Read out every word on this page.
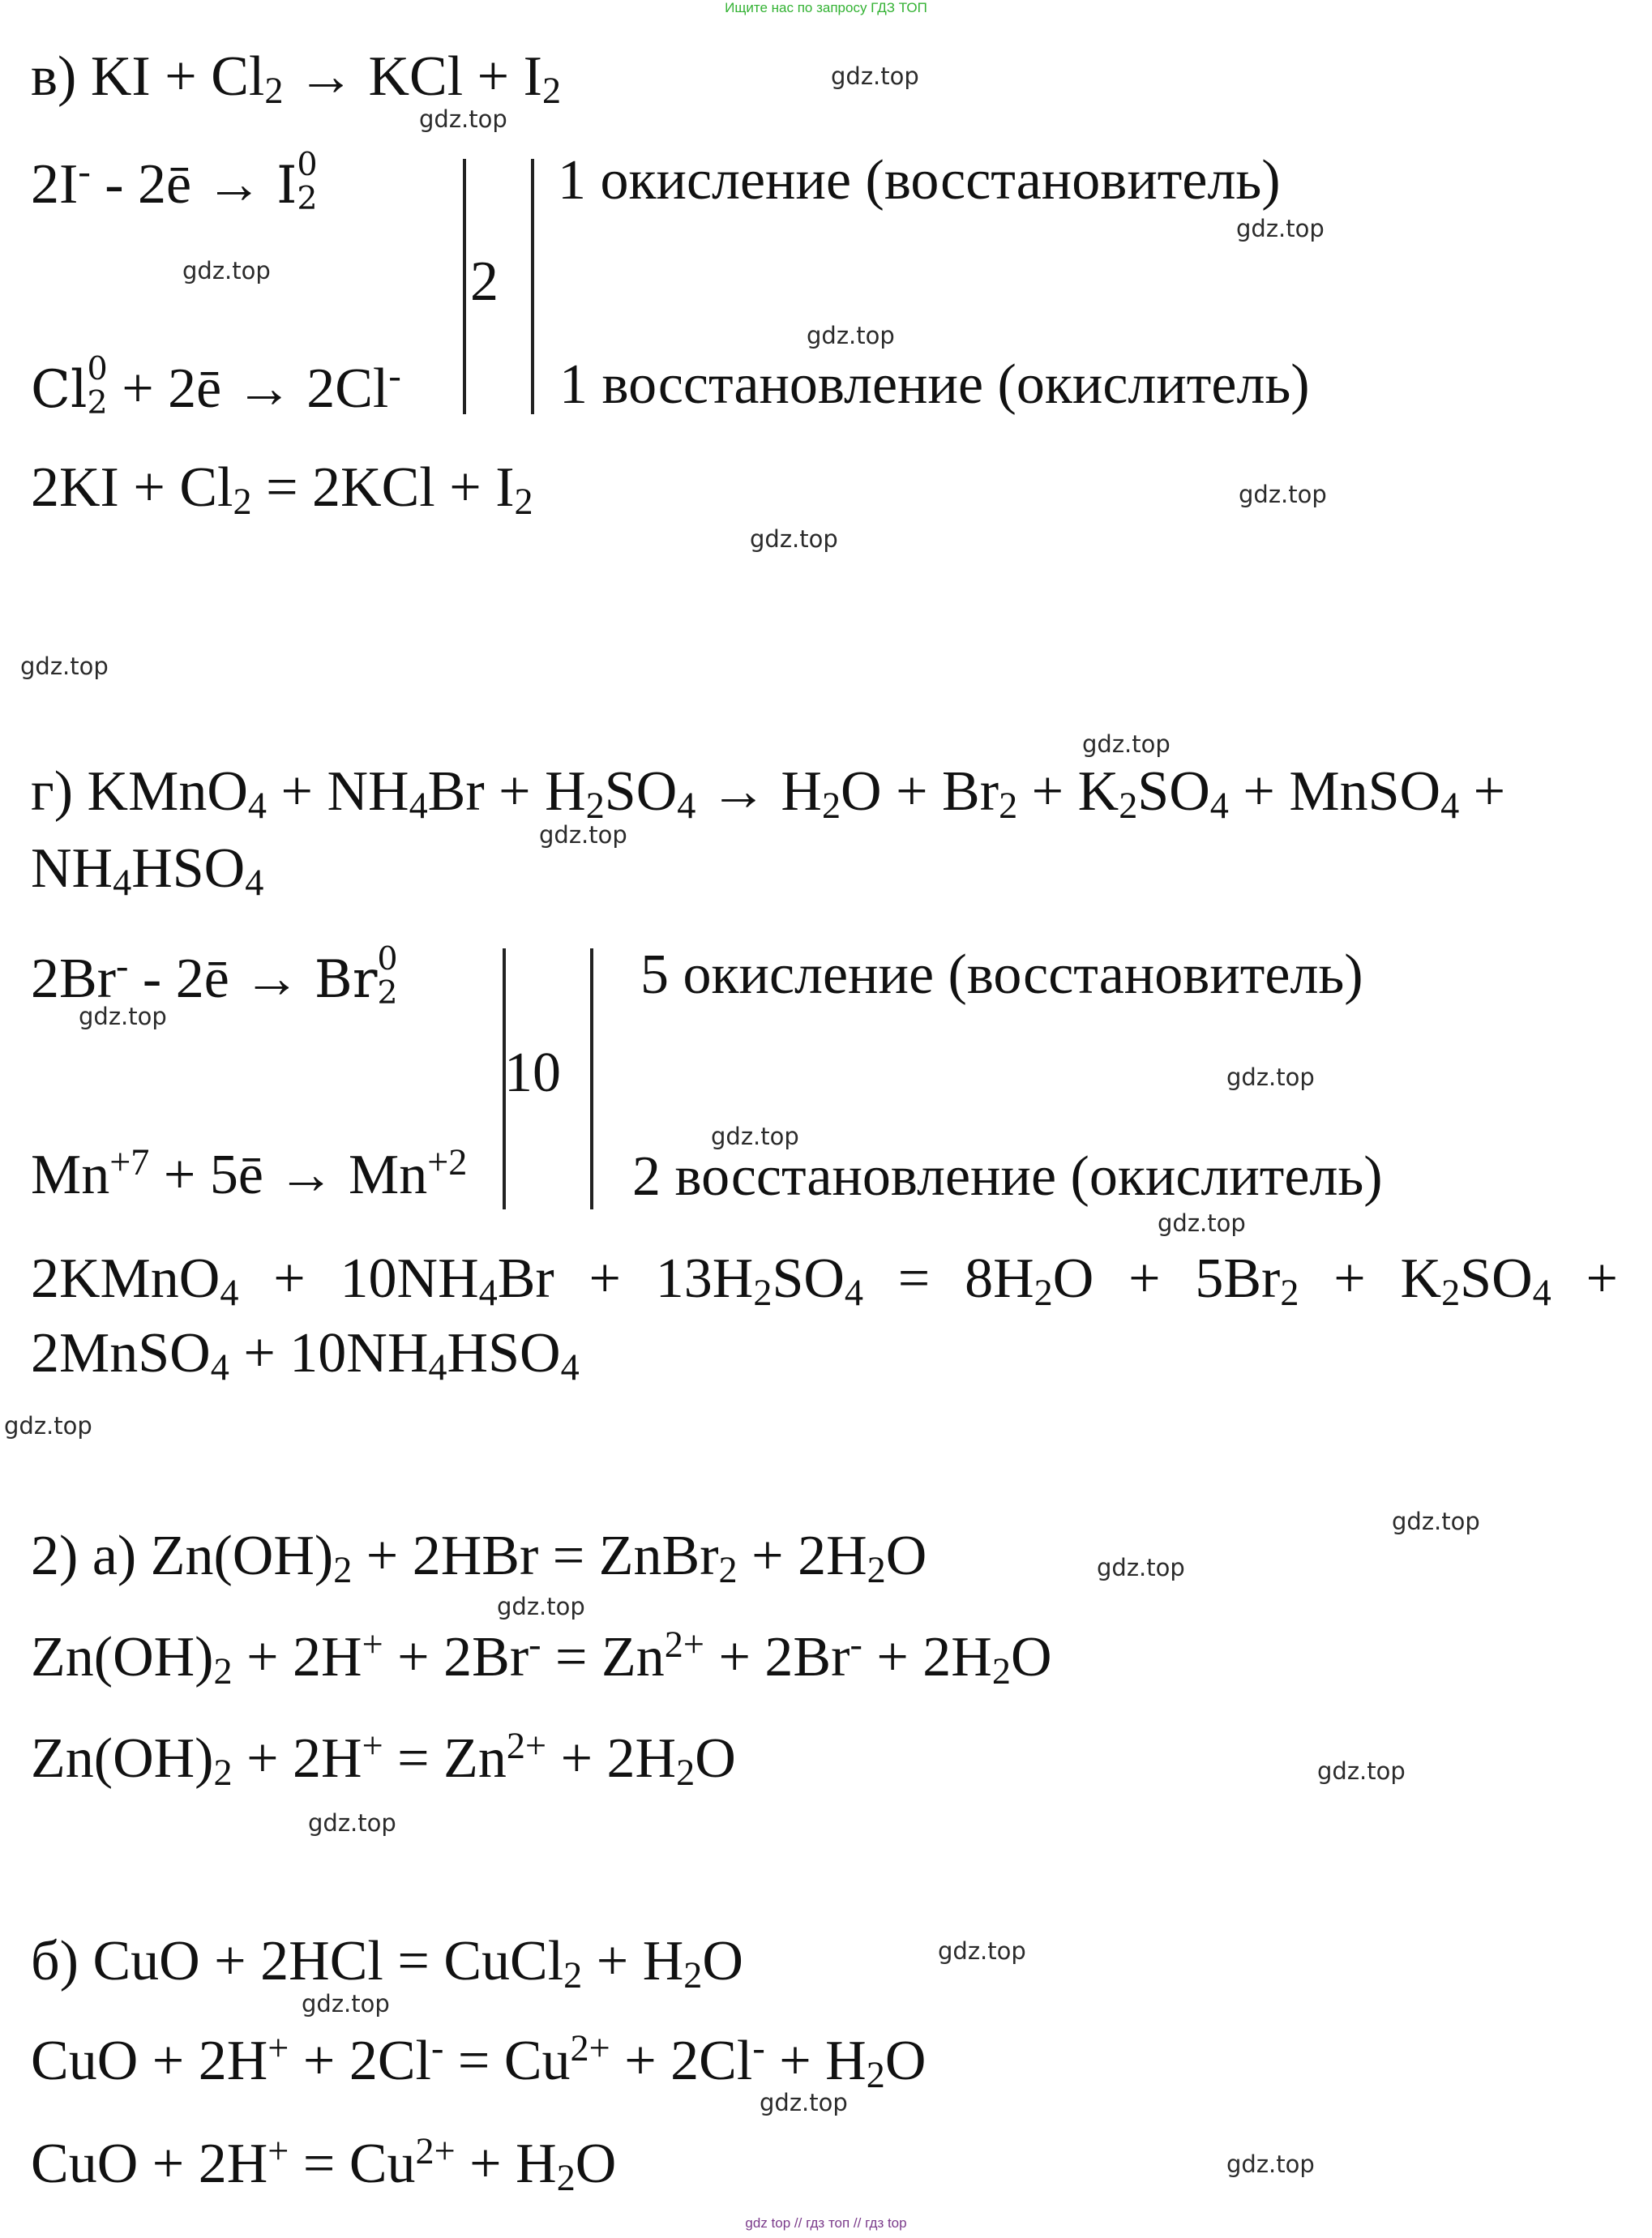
Ищите нас по запросу ГДЗ ТОП
в) KI + $Cl_2$ → KCl + $I_2$
2I- - 2ē → I 0
2
2
1 окисление (восстановитель)
Cl 0
2 + 2ē → 2Cl-	1 восстановление (окислитель)
$2KI + Cl_2 = 2KCl + I_2$
г) KMnO$_4$ + $NH_4Br + H_2SO_4 \to H_2O + Br_2 + K_2SO_4$ + MnSO$_4$ +
$NH_4HSO_4$
2Br- - 2ē → Br 0
2
10
5 окисление (восстановитель)
$Mn^{+7}$ + 5ē → $Mn^{+2}$	2 восстановление (окислитель)
2KMnO$_4$ + $10NH_4Br + 13H_2SO_4 = 8H_2O + 5Br_2 + K_2SO_4$ +
2MnSO$_4$ + $10NH_4HSO_4$
2) а) $Zn(OH)_2 + 2HBr$ = ZnBr$_2$ + $2H_2O$
$Zn(OH)_2 + 2H^+ + 2Br^- = Zn^{2+} + 2Br^- + 2H_2O$
$Zn(OH)_2 + 2H^+ = Zn^{2+} + 2H_2O$
б) CuO + 2HCl = CuCl$_2$ + $H_2O$
CuO + $2H^+ + 2Cl^- = Cu^{2+} + 2Cl^- + H_2O$
CuO + $2H^+ = Cu^{2+} + H_2O$
gdz.top
gdz.top
gdz.top
gdz.top
gdz.top
gdz.top
gdz.top
gdz.top
gdz.top
gdz.top
gdz.top
gdz.top
gdz.top
gdz.top
gdz.top
gdz.top
gdz.top
gdz.top
gdz.top
gdz.top
gdz.top
gdz.top
gdz.top
gdz.top
gdz top // гдз топ // гдз top
